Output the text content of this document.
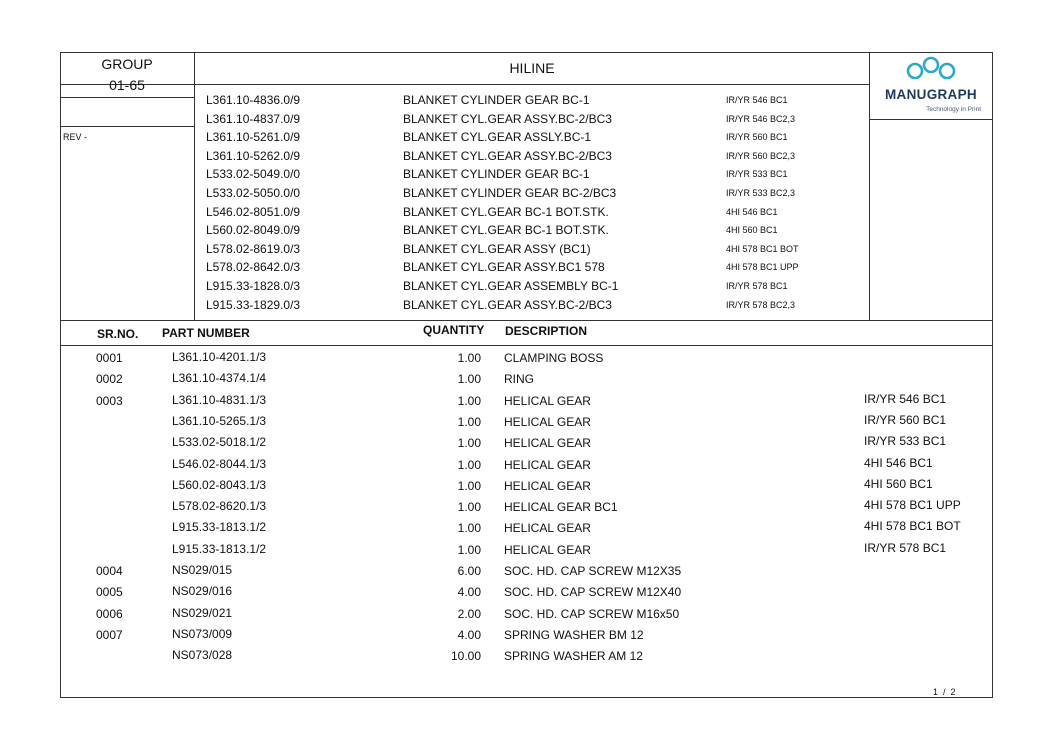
GROUP
01-65
REV -
HILINE
MANUGRAPH
Technology in Print
L361.10-4836.0/9	BLANKET CYLINDER GEAR BC-1	IR/YR 546 BC1
L361.10-4837.0/9	BLANKET CYL.GEAR ASSY.BC-2/BC3	IR/YR 546 BC2,3
L361.10-5261.0/9	BLANKET CYL.GEAR ASSLY.BC-1	IR/YR 560 BC1
L361.10-5262.0/9	BLANKET CYL.GEAR ASSY.BC-2/BC3	IR/YR 560 BC2,3
L533.02-5049.0/0	BLANKET CYLINDER GEAR BC-1	IR/YR 533 BC1
L533.02-5050.0/0	BLANKET CYLINDER GEAR BC-2/BC3	IR/YR 533 BC2,3
L546.02-8051.0/9	BLANKET CYL.GEAR BC-1 BOT.STK.	4HI 546 BC1
L560.02-8049.0/9	BLANKET CYL.GEAR BC-1 BOT.STK.	4HI 560 BC1
L578.02-8619.0/3	BLANKET CYL.GEAR ASSY (BC1)	4HI 578 BC1 BOT
L578.02-8642.0/3	BLANKET CYL.GEAR ASSY.BC1 578	4HI 578 BC1 UPP
L915.33-1828.0/3	BLANKET CYL.GEAR ASSEMBLY BC-1	IR/YR 578 BC1
L915.33-1829.0/3	BLANKET CYL.GEAR ASSY.BC-2/BC3	IR/YR 578 BC2,3
SR.NO. PART NUMBER	QUANTITY DESCRIPTION
0001	L361.10-4201.1/3	1.00 CLAMPING BOSS
0002	L361.10-4374.1/4	1.00 RING
0003	L361.10-4831.1/3	1.00 HELICAL GEAR	IR/YR 546 BC1
L361.10-5265.1/3	1.00 HELICAL GEAR	IR/YR 560 BC1
L533.02-5018.1/2	1.00 HELICAL GEAR	IR/YR 533 BC1
L546.02-8044.1/3	1.00 HELICAL GEAR	4HI 546 BC1
L560.02-8043.1/3	1.00 HELICAL GEAR	4HI 560 BC1
L578.02-8620.1/3	1.00 HELICAL GEAR BC1	4HI 578 BC1 UPP
L915.33-1813.1/2	1.00 HELICAL GEAR	4HI 578 BC1 BOT
L915.33-1813.1/2	1.00 HELICAL GEAR	IR/YR 578 BC1
0004	NS029/015	6.00 SOC. HD. CAP SCREW M12X35
0005	NS029/016	4.00 SOC. HD. CAP SCREW M12X40
0006	NS029/021	2.00 SOC. HD. CAP SCREW M16x50
0007	NS073/009	4.00 SPRING WASHER BM 12
NS073/028	10.00 SPRING WASHER AM 12
1  /  2
